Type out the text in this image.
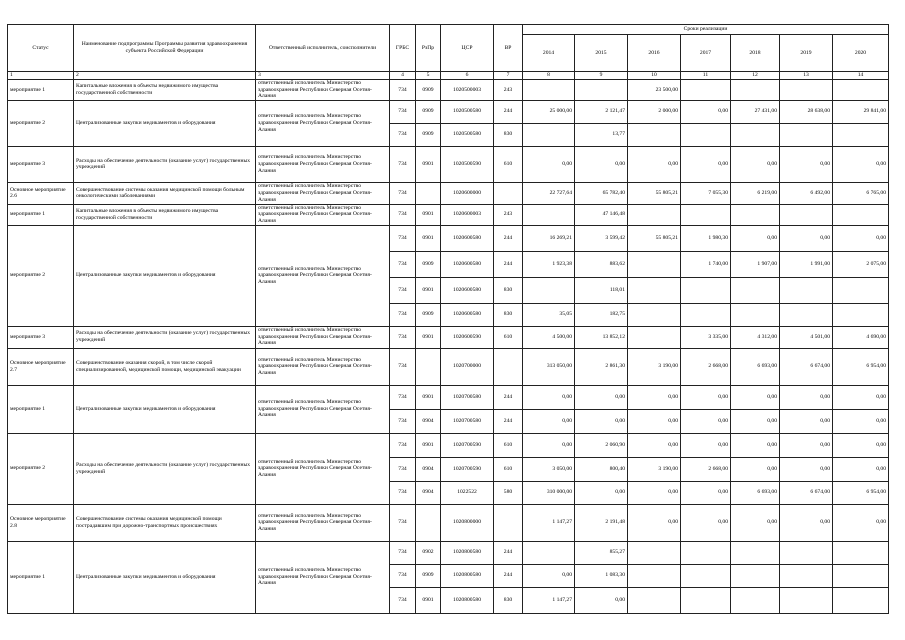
Статус	Наименование подпрограммы Программы развития здравоохранения субъекта Российской Федерации	Ответственный исполнитель, соисполнители	ГРБС	РзПр	ЦСР	ВР	Сроки реализации						
							2014	2015	2016	2017	2018	2019	2020
1	2	3	4	5	6	7	8	9	10	11	12	13	14
мероприятие 1	Капитальные вложения в объекты недвижимого имущества государственной собственности	ответственный исполнитель Министерство здравоохранения Республики Северная Осетия-Алания	734	0909	1020500003	243			23 500,00				
мероприятие 2	Централизованные закупки медикаментов и оборудования	ответственный исполнитель Министерство здравоохранения Республики Северная Осетия-Алания	734	0909	1020500580	244	25 000,00	2 121,47	2 000,00	0,00	27 431,00	28 638,00	29 841,00
			734	0909	1020500580	830		13,77					
мероприятие 3	Расходы на обеспечение деятельности (оказание услуг) государственных учреждений	ответственный исполнитель Министерство здравоохранения Республики Северная Осетия-Алания	734	0901	1020500590	610	0,00	0,00	0,00	0,00	0,00	0,00	0,00
Основное мероприятие 2.6	Совершенствование системы оказания медицинской помощи больным онкологическими заболеваниями	ответственный исполнитель Министерство здравоохранения Республики Северная Осетия-Алания	734		1020600000		22 727,64	65 782,40	55 805,21	7 055,30	6 219,00	6 492,00	6 765,00
мероприятие 1	Капитальные вложения в объекты недвижимого имущества государственной собственности	ответственный исполнитель Министерство здравоохранения Республики Северная Осетия-Алания	734	0901	1020600003	243		47 146,48					
мероприятие 2	Централизованные закупки медикаментов и оборудования	ответственный исполнитель Министерство здравоохранения Республики Северная Осетия-Алания	734	0901	1020600580	244	16 269,21	3 599,42	55 805,21	1 980,30	0,00	0,00	0,00
			734	0909	1020600580	244	1 923,38	883,62		1 740,00	1 907,00	1 991,00	2 075,00
			734	0901	1020600580	830		118,01					
			734	0909	1020600580	830	35,05	182,75					
мероприятие 3	Расходы на обеспечение деятельности (оказание услуг) государственных учреждений	ответственный исполнитель Министерство здравоохранения Республики Северная Осетия-Алания	734	0901	1020600590	610	4 500,00	13 852,12		3 335,00	4 312,00	4 501,00	4 690,00
Основное мероприятие 2.7	Совершенствование оказания скорой, в том числе скорой специализированной, медицинской помощи, медицинской эвакуации	ответственный исполнитель Министерство здравоохранения Республики Северная Осетия-Алания	734		1020700000		313 050,00	2 861,30	3 190,00	2 668,00	6 693,00	6 674,00	6 954,00
мероприятие 1	Централизованные закупки медикаментов и оборудования	ответственный исполнитель Министерство здравоохранения Республики Северная Осетия-Алания	734	0901	1020700580	244	0,00	0,00	0,00	0,00	0,00	0,00	0,00
			734	0904	1020700580	244	0,00	0,00	0,00	0,00	0,00	0,00	0,00
мероприятие 2	Расходы на обеспечение деятельности (оказание услуг) государственных учреждений	ответственный исполнитель Министерство здравоохранения Республики Северная Осетия-Алания	734	0901	1020700590	610	0,00	2 060,90	0,00	0,00	0,00	0,00	0,00
			734	0904	1020700590	610	3 050,00	800,40	3 190,00	2 668,00	0,00	0,00	0,00
			734	0904	1022522	580	310 000,00	0,00	0,00	0,00	6 693,00	6 674,00	6 954,00
Основное мероприятие 2.8	Совершенствование системы оказания медицинской помощи пострадавшим при дорожно-транспортных происшествиях	ответственный исполнитель Министерство здравоохранения Республики Северная Осетия-Алания	734		1020800000		1 147,27	2 191,48	0,00	0,00	0,00	0,00	0,00
мероприятие 1	Централизованные закупки медикаментов и оборудования	ответственный исполнитель Министерство здравоохранения Республики Северная Осетия-Алания	734	0902	1020800580	244		855,27					
			734	0909	1020800580	244	0,00	1 083,30					
			734	0901	1020800580	830	1 147,27	0,00					
